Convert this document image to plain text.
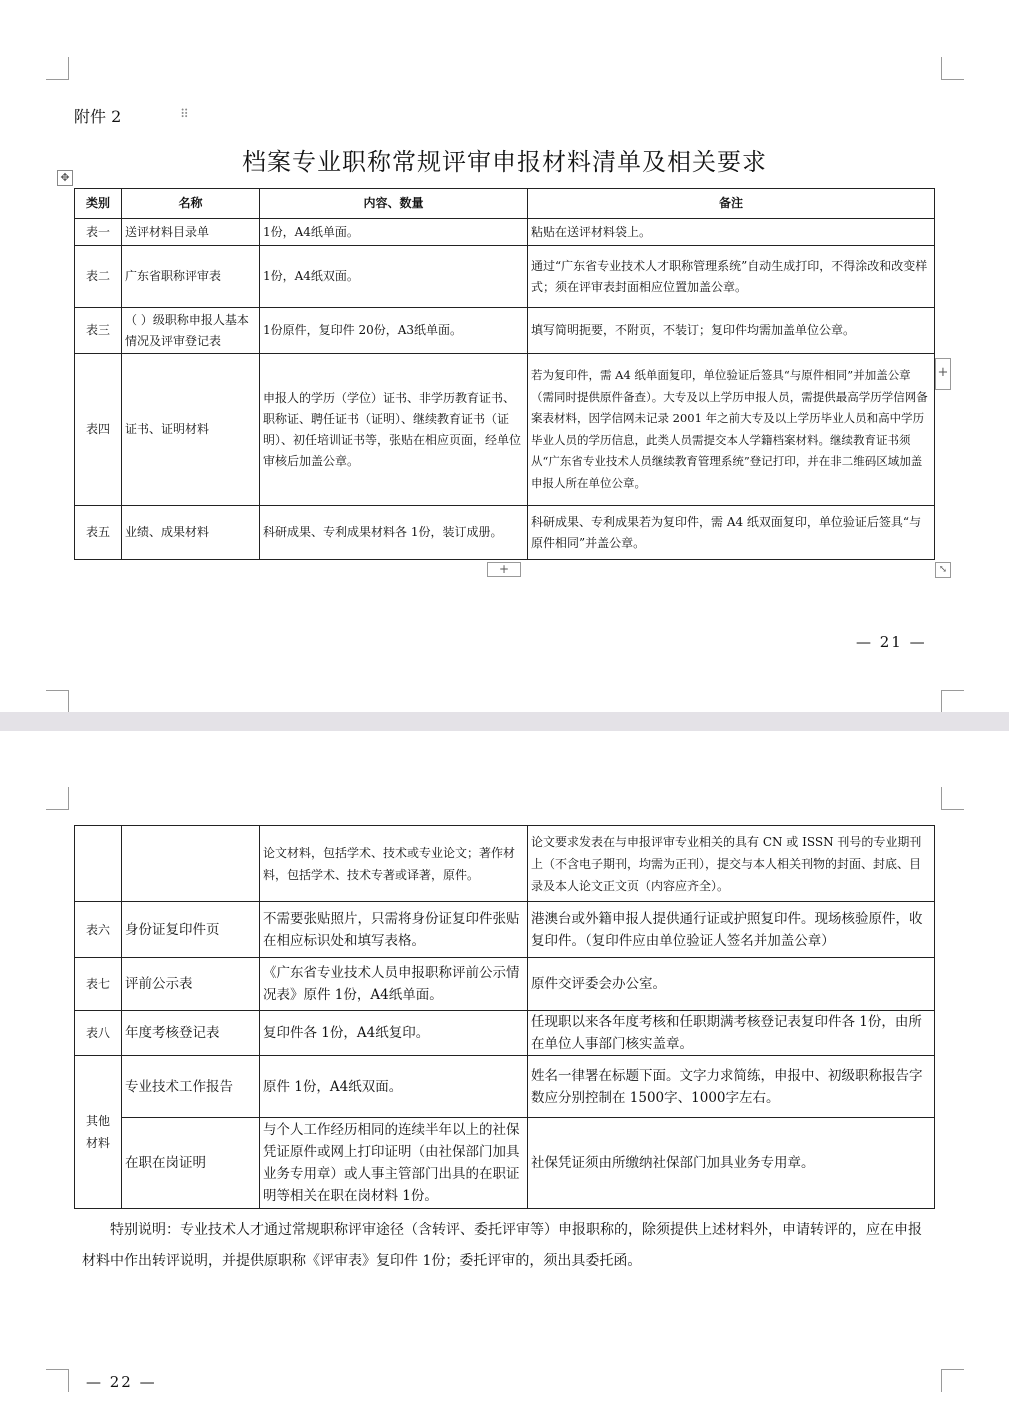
附件 2	⠿
档案专业职称常规评审申报材料清单及相关要求
✥
类别	名称	内容、数量	备注
表一	送评材料目录单	1份，A4纸单面。	粘贴在送评材料袋上。
表二	广东省职称评审表	1份，A4纸双面。	通过“广东省专业技术人才职称管理系统”自动生成打印，不得涂改和改变样式；须在评审表封面相应位置加盖公章。
表三	（ ）级职称申报人基本情况及评审登记表	1份原件，复印件 20份，A3纸单面。	填写简明扼要，不附页，不装订；复印件均需加盖单位公章。
表四	证书、证明材料	申报人的学历（学位）证书、非学历教育证书、职称证、聘任证书（证明）、继续教育证书（证明）、初任培训证书等，张贴在相应页面，经单位审核后加盖公章。	若为复印件，需 A4 纸单面复印，单位验证后签具“与原件相同”并加盖公章（需同时提供原件备查）。大专及以上学历申报人员，需提供最高学历学信网备案表材料，因学信网未记录 2001 年之前大专及以上学历毕业人员和高中学历毕业人员的学历信息，此类人员需提交本人学籍档案材料。继续教育证书须从“广东省专业技术人员继续教育管理系统”登记打印，并在非二维码区域加盖申报人所在单位公章。
表五	业绩、成果材料	科研成果、专利成果材料各 1份，装订成册。	科研成果、专利成果若为复印件，需 A4 纸双面复印，单位验证后签具“与原件相同”并盖公章。
+
+	⤡
— 21 —
— 22 —
		论文材料，包括学术、技术或专业论文；著作材料，包括学术、技术专著或译著，原件。	论文要求发表在与申报评审专业相关的具有 CN 或 ISSN 刊号的专业期刊上（不含电子期刊，均需为正刊），提交与本人相关刊物的封面、封底、目录及本人论文正文页（内容应齐全）。
表六	身份证复印件页	不需要张贴照片，只需将身份证复印件张贴在相应标识处和填写表格。	港澳台或外籍申报人提供通行证或护照复印件。现场核验原件，收复印件。（复印件应由单位验证人签名并加盖公章）
表七	评前公示表	《广东省专业技术人员申报职称评前公示情况表》原件 1份，A4纸单面。	原件交评委会办公室。
表八	年度考核登记表	复印件各 1份，A4纸复印。	任现职以来各年度考核和任职期满考核登记表复印件各 1份，由所在单位人事部门核实盖章。
其他材料	专业技术工作报告	原件 1份，A4纸双面。	姓名一律署在标题下面。文字力求简练，申报中、初级职称报告字数应分别控制在 1500字、1000字左右。
	在职在岗证明	与个人工作经历相同的连续半年以上的社保凭证原件或网上打印证明（由社保部门加具业务专用章）或人事主管部门出具的在职证明等相关在职在岗材料 1份。	社保凭证须由所缴纳社保部门加具业务专用章。
特别说明：专业技术人才通过常规职称评审途径（含转评、委托评审等）申报职称的，除须提供上述材料外，申请转评的，应在申报材料中作出转评说明，并提供原职称《评审表》复印件 1份；委托评审的，须出具委托函。
